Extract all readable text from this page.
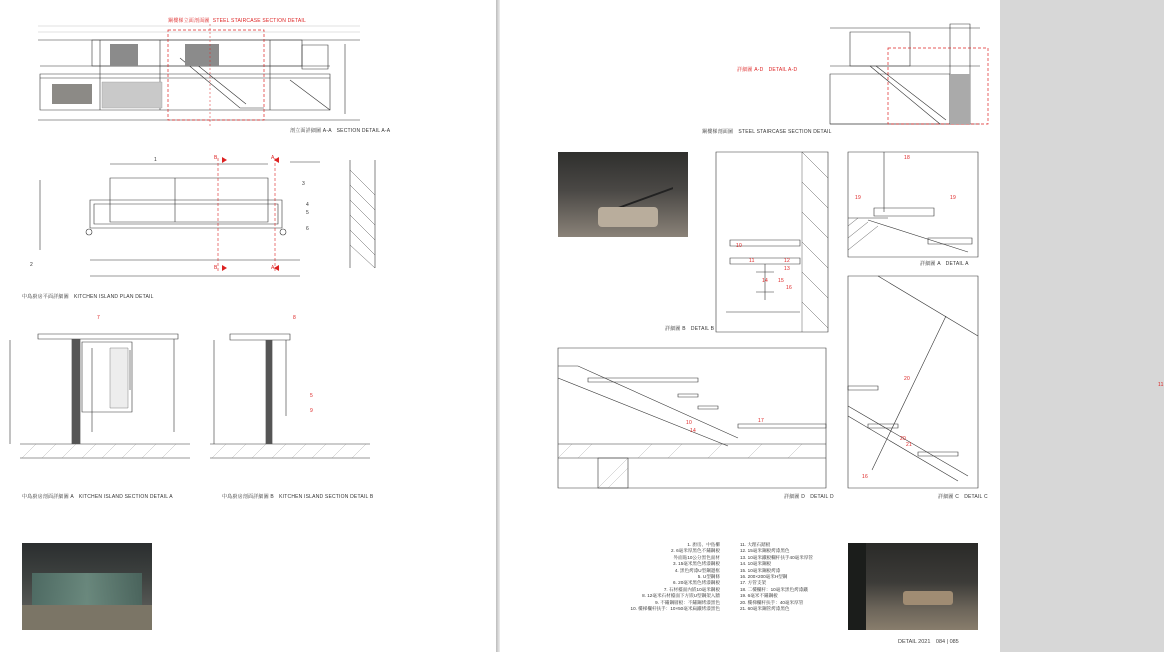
鋼樓梯立面剖面圖 STEEL STAIRCASE SECTION DETAIL
剖立面詳細圖 A-A　SECTION DETAIL A-A
B	A
B	A
1
2
3
4
5
6
中島廚房平面詳細圖　KITCHEN ISLAND PLAN DETAIL
7
中島廚房剖面詳細圖 A　KITCHEN ISLAND SECTION DETAIL A
8
5
9
中島廚房剖面詳細圖 B　KITCHEN ISLAND SECTION DETAIL B
詳細圖 A-D　DETAIL A-D
鋼樓梯剖面圖　STEEL STAIRCASE SECTION DETAIL
詳細圖 B　DETAIL B
詳細圖 A　DETAIL A
詳細圖 D　DETAIL D	詳細圖 C　DETAIL C
18
19	19
10
11	12
13
14 15
16
11
17
10
14
20
20
21
16
11. 大理石踏板
12. 15毫米鋼板烤漆黑色
13. 10毫米鐵板欄杆扶手40毫米厚管
14. 10毫米鋼板
15. 10毫米鋼板烤漆
16. 200×200毫米H型鋼
17. 方管支架
18. 二樓欄杆：10毫米黑色烤漆鐵
19. 6毫米不鏽鋼板
20. 樓梯欄杆扶手：40毫米厚管
21. 60毫米鋼管烤漆黑色
DETAIL 2021　084 | 085
1. 廚房、中島櫃
2. 6毫米厚黑色不鏽鋼板
外面貼10公分黑色面材
3. 15毫米黑色烤漆鋼板
4. 黑色烤漆U型鋼邊框
5. U型鋼條
6. 20毫米黑色烤漆鋼板
7. 石材檯面內嵌10毫米鋼板
8. 12毫米石材檯面下方嵌U型鋼架入牆
9. 不鏽鋼層板：不鏽鋼烤漆黑色
10. 樓梯欄杆扶手：10×50毫米扁鐵烤漆黑色
